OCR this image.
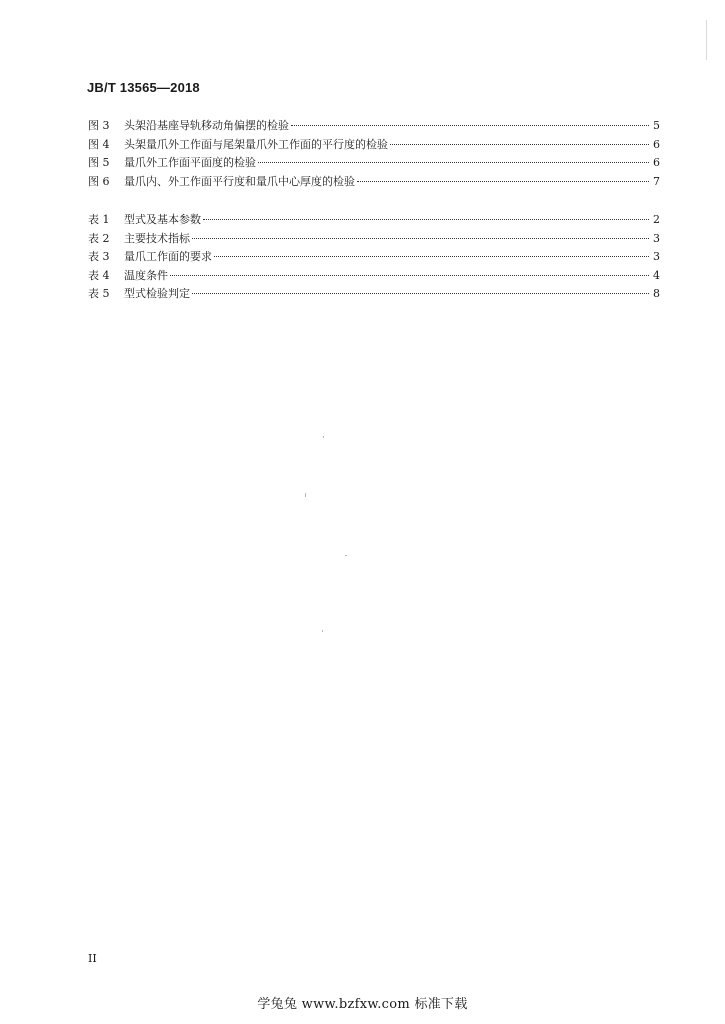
JB/T 13565—2018
图 3	头架沿基座导轨移动角偏摆的检验	5
图 4	头架量爪外工作面与尾架量爪外工作面的平行度的检验	6
图 5	量爪外工作面平面度的检验	6
图 6	量爪内、外工作面平行度和量爪中心厚度的检验	7
表 1	型式及基本参数	2
表 2	主要技术指标	3
表 3	量爪工作面的要求	3
表 4	温度条件	4
表 5	型式检验判定	8
II
学兔兔 www.bzfxw.com 标准下载
